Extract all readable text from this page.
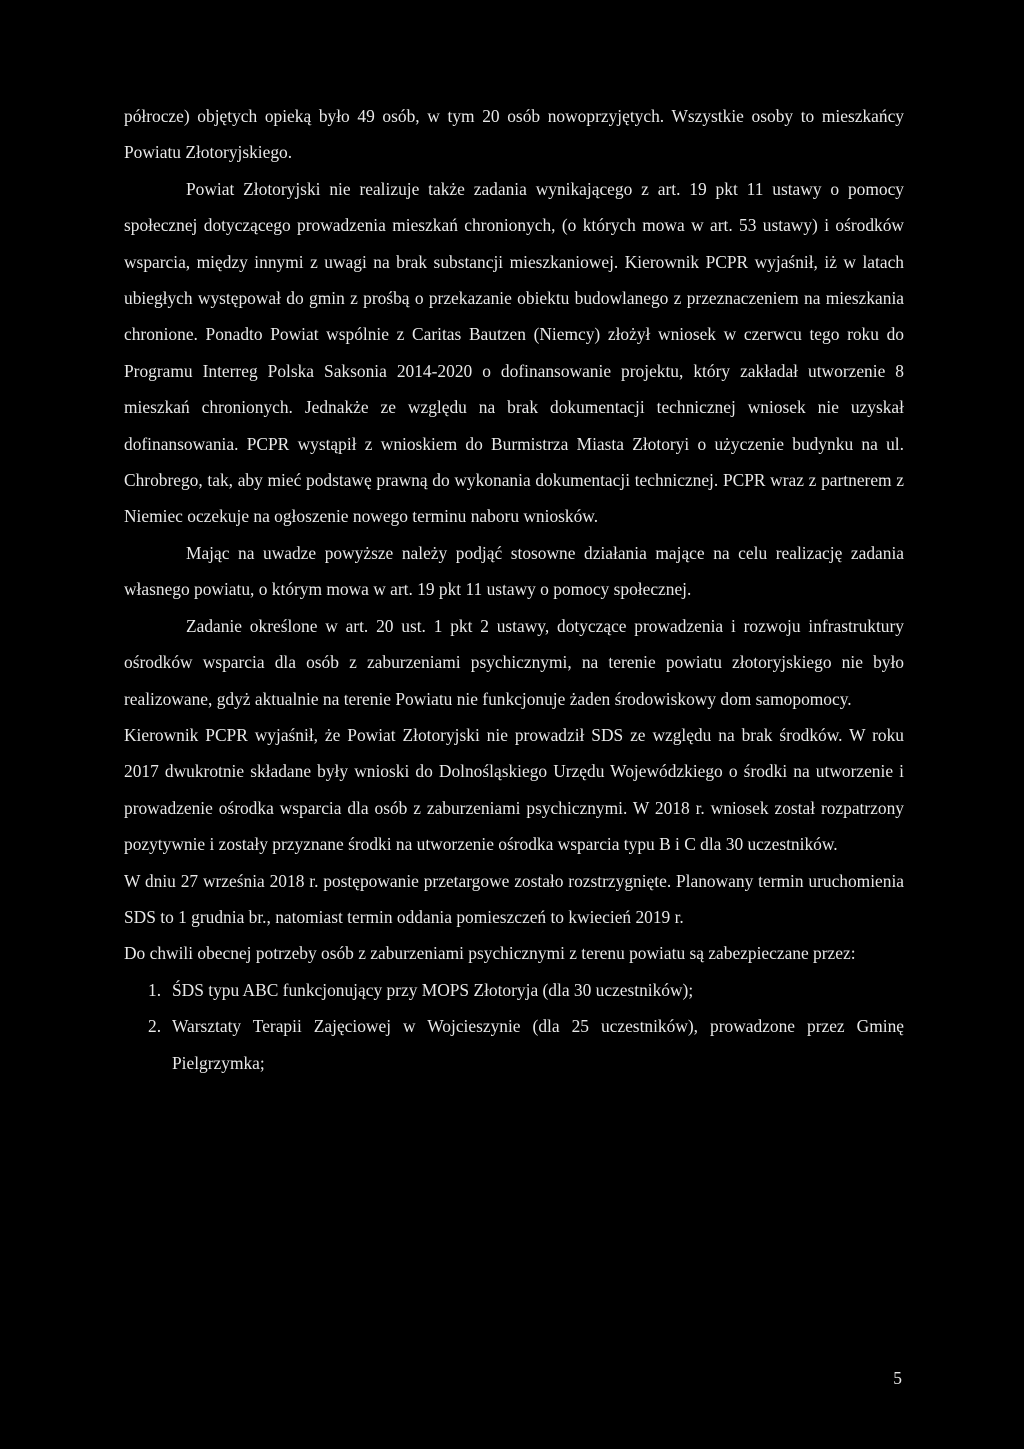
półrocze) objętych opieką było 49 osób, w tym 20 osób nowoprzyjętych. Wszystkie osoby to mieszkańcy Powiatu Złotoryjskiego.

Powiat Złotoryjski nie realizuje także zadania wynikającego z art. 19 pkt 11 ustawy o pomocy społecznej dotyczącego prowadzenia mieszkań chronionych, (o których mowa w art. 53 ustawy) i ośrodków wsparcia, między innymi z uwagi na brak substancji mieszkaniowej. Kierownik PCPR wyjaśnił, iż w latach ubiegłych występował do gmin z prośbą o przekazanie obiektu budowlanego z przeznaczeniem na mieszkania chronione. Ponadto Powiat wspólnie z Caritas Bautzen (Niemcy) złożył wniosek w czerwcu tego roku do Programu Interreg Polska Saksonia 2014-2020 o dofinansowanie projektu, który zakładał utworzenie 8 mieszkań chronionych. Jednakże ze względu na brak dokumentacji technicznej wniosek nie uzyskał dofinansowania. PCPR wystąpił z wnioskiem do Burmistrza Miasta Złotoryi o użyczenie budynku na ul. Chrobrego, tak, aby mieć podstawę prawną do wykonania dokumentacji technicznej. PCPR wraz z partnerem z Niemiec oczekuje na ogłoszenie nowego terminu naboru wniosków.

Mając na uwadze powyższe należy podjąć stosowne działania mające na celu realizację zadania własnego powiatu, o którym mowa w art. 19 pkt 11 ustawy o pomocy społecznej.

Zadanie określone w art. 20 ust. 1 pkt 2 ustawy, dotyczące prowadzenia i rozwoju infrastruktury ośrodków wsparcia dla osób z zaburzeniami psychicznymi, na terenie powiatu złotoryjskiego nie było realizowane, gdyż aktualnie na terenie Powiatu nie funkcjonuje żaden środowiskowy dom samopomocy.

Kierownik PCPR wyjaśnił, że Powiat Złotoryjski nie prowadził SDS ze względu na brak środków. W roku 2017 dwukrotnie składane były wnioski do Dolnośląskiego Urzędu Wojewódzkiego o środki na utworzenie i prowadzenie ośrodka wsparcia dla osób z zaburzeniami psychicznymi. W 2018 r. wniosek został rozpatrzony pozytywnie i zostały przyznane środki na utworzenie ośrodka wsparcia typu B i C dla 30 uczestników.

W dniu 27 września 2018 r. postępowanie przetargowe zostało rozstrzygnięte. Planowany termin uruchomienia SDS to 1 grudnia br., natomiast termin oddania pomieszczeń to kwiecień 2019 r.

Do chwili obecnej potrzeby osób z zaburzeniami psychicznymi z terenu powiatu są zabezpieczane przez:

1. ŚDS typu ABC funkcjonujący przy MOPS Złotoryja (dla 30 uczestników);
2. Warsztaty Terapii Zajęciowej w Wojcieszynie (dla 25 uczestników), prowadzone przez Gminę Pielgrzymka;
5
